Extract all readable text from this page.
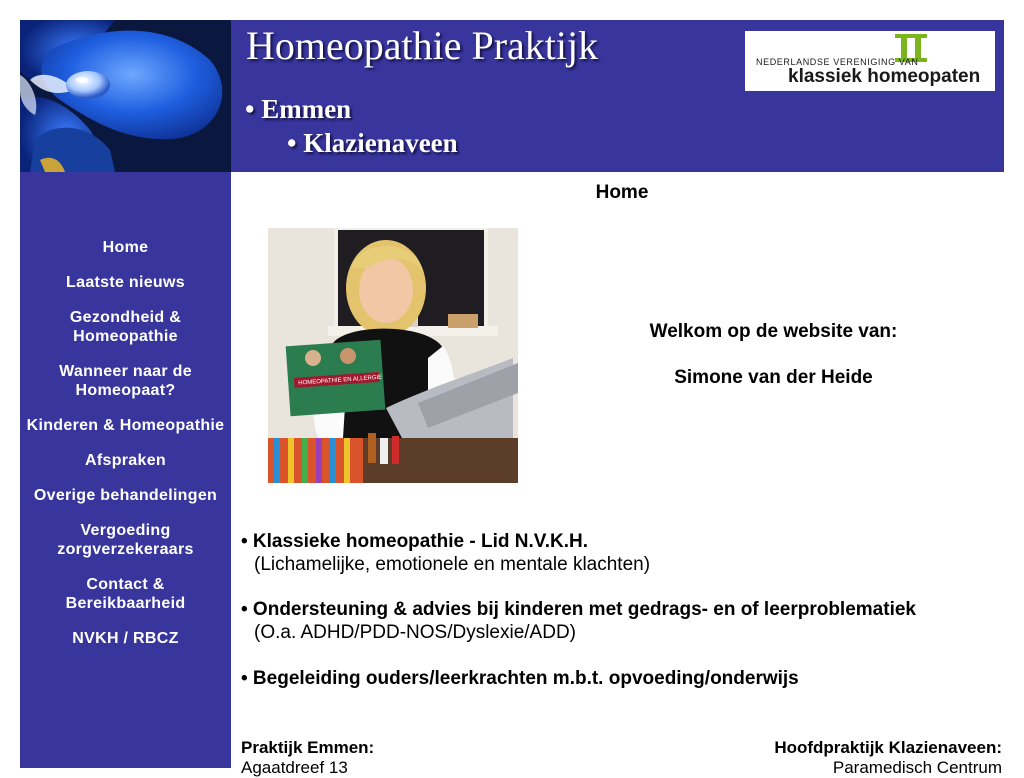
Homeopathie Praktijk
• Emmen
• Klazienaveen
NEDERLANDSE VERENIGING VAN
klassiek homeopaten
Home
Laatste nieuws
Gezondheid & Homeopathie
Wanneer naar de Homeopaat?
Kinderen & Homeopathie
Afspraken
Overige behandelingen
Vergoeding zorgverzekeraars
Contact & Bereikbaarheid
NVKH / RBCZ
Home
HOMEOPATHIE EN ALLERGIE
Welkom op de website van:
Simone van der Heide
• Klassieke homeopathie - Lid N.V.K.H.
(Lichamelijke, emotionele en mentale klachten)
• Ondersteuning & advies bij kinderen met gedrags- en of leerproblematiek
(O.a. ADHD/PDD-NOS/Dyslexie/ADD)
• Begeleiding ouders/leerkrachten m.b.t. opvoeding/onderwijs
Praktijk Emmen:
Agaatdreef 13
Hoofdpraktijk Klazienaveen:
Paramedisch Centrum
